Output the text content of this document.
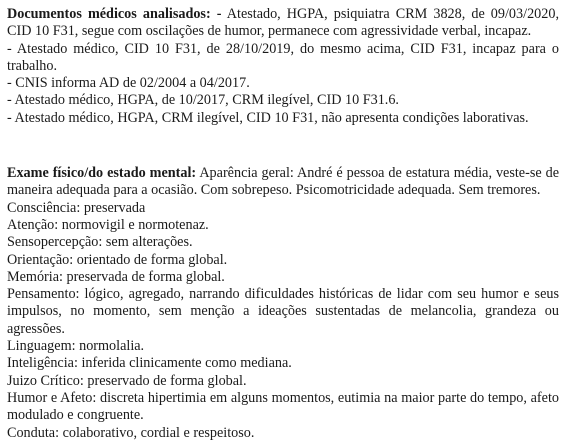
Documentos médicos analisados: - Atestado, HGPA, psiquiatra CRM 3828, de 09/03/2020, CID 10 F31, segue com oscilações de humor, permanece com agressividade verbal, incapaz.

- Atestado médico, CID 10 F31, de 28/10/2019, do mesmo acima, CID F31, incapaz para o trabalho.

- CNIS informa AD de 02/2004 a 04/2017.

- Atestado médico, HGPA, de 10/2017, CRM ilegível, CID 10 F31.6.

- Atestado médico, HGPA, CRM ilegível, CID 10 F31, não apresenta condições laborativas.

Exame físico/do estado mental: Aparência geral: André é pessoa de estatura média, veste-se de maneira adequada para a ocasião. Com sobrepeso. Psicomotricidade adequada. Sem tremores.

Consciência: preservada

Atenção: normovigil e normotenaz.

Sensopercepção: sem alterações.

Orientação: orientado de forma global.

Memória: preservada de forma global.

Pensamento: lógico, agregado, narrando dificuldades históricas de lidar com seu humor e seus impulsos, no momento, sem menção a ideações sustentadas de melancolia, grandeza ou agressões.

Linguagem: normolalia.

Inteligência: inferida clinicamente como mediana.

Juizo Crítico: preservado de forma global.

Humor e Afeto: discreta hipertimia em alguns momentos, eutimia na maior parte do tempo, afeto modulado e congruente.

Conduta: colaborativo, cordial e respeitoso.
